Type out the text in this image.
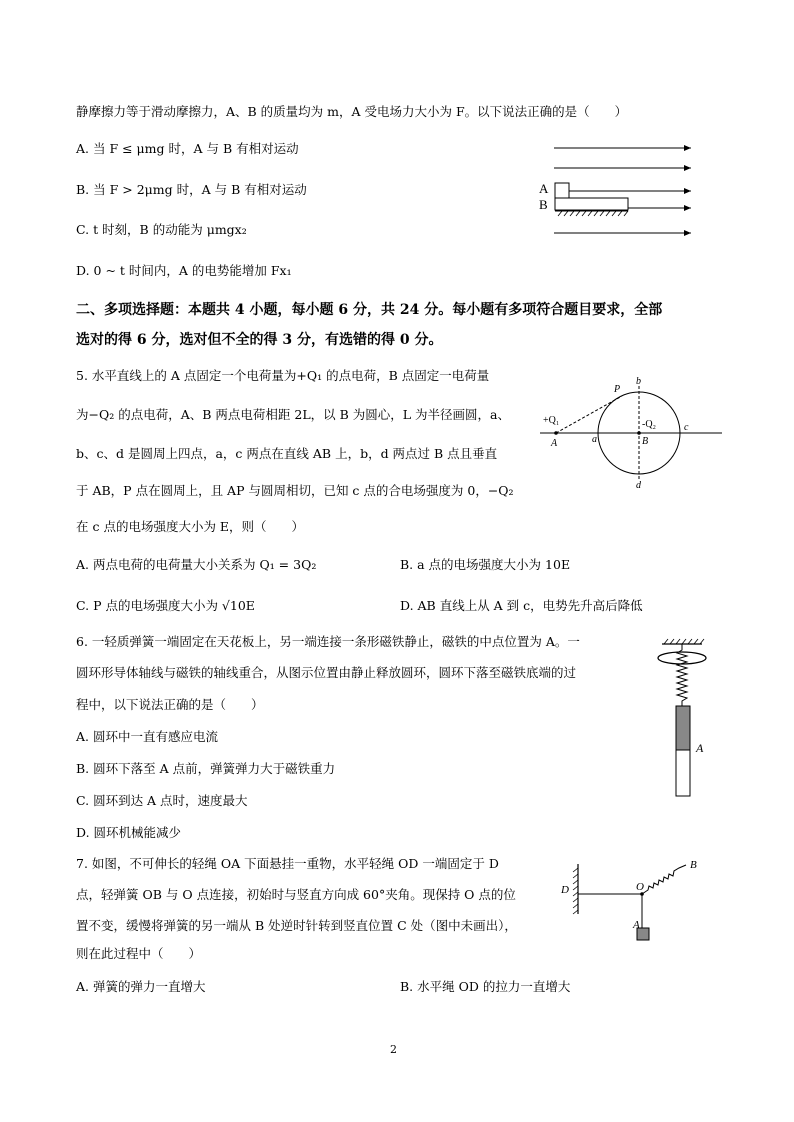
静摩擦力等于滑动摩擦力，A、B 的质量均为 m，A 受电场力大小为 F。以下说法正确的是（　　）
A. 当 F ≤ μmg 时，A 与 B 有相对运动
B. 当 F > 2μmg 时，A 与 B 有相对运动
C. t 时刻，B 的动能为 μmgx₂
D. 0 ~ t 时间内，A 的电势能增加 Fx₁
A
B
二、多项选择题：本题共 4 小题，每小题 6 分，共 24 分。每小题有多项符合题目要求，全部
选对的得 6 分，选对但不全的得 3 分，有选错的得 0 分。
5. 水平直线上的 A 点固定一个电荷量为+Q₁ 的点电荷，B 点固定一电荷量
为−Q₂ 的点电荷，A、B 两点电荷相距 2L，以 B 为圆心，L 为半径画圆，a、
b、c、d 是圆周上四点，a，c 两点在直线 AB 上，b，d 两点过 B 点且垂直
于 AB，P 点在圆周上，且 AP 与圆周相切，已知 c 点的合电场强度为 0，−Q₂
在 c 点的电场强度大小为 E，则（　　）
A. 两点电荷的电荷量大小关系为 Q₁ = 3Q₂	B. a 点的电场强度大小为 10E
C. P 点的电场强度大小为 √10E	D. AB 直线上从 A 到 c，电势先升高后降低
P
b
+Q₁	-Q₂
A	a	B
c
d
6. 一轻质弹簧一端固定在天花板上，另一端连接一条形磁铁静止，磁铁的中点位置为 A。一
圆环形导体轴线与磁铁的轴线重合，从图示位置由静止释放圆环，圆环下落至磁铁底端的过
程中，以下说法正确的是（　　）
A. 圆环中一直有感应电流
B. 圆环下落至 A 点前，弹簧弹力大于磁铁重力
C. 圆环到达 A 点时，速度最大
D. 圆环机械能减少
A
7. 如图，不可伸长的轻绳 OA 下面悬挂一重物，水平轻绳 OD 一端固定于 D
点，轻弹簧 OB 与 O 点连接，初始时与竖直方向成 60°夹角。现保持 O 点的位
置不变，缓慢将弹簧的另一端从 B 处逆时针转到竖直位置 C 处（图中未画出），
则在此过程中（　　）
A. 弹簧的弹力一直增大	B. 水平绳 OD 的拉力一直增大
D	O
B
A
2
